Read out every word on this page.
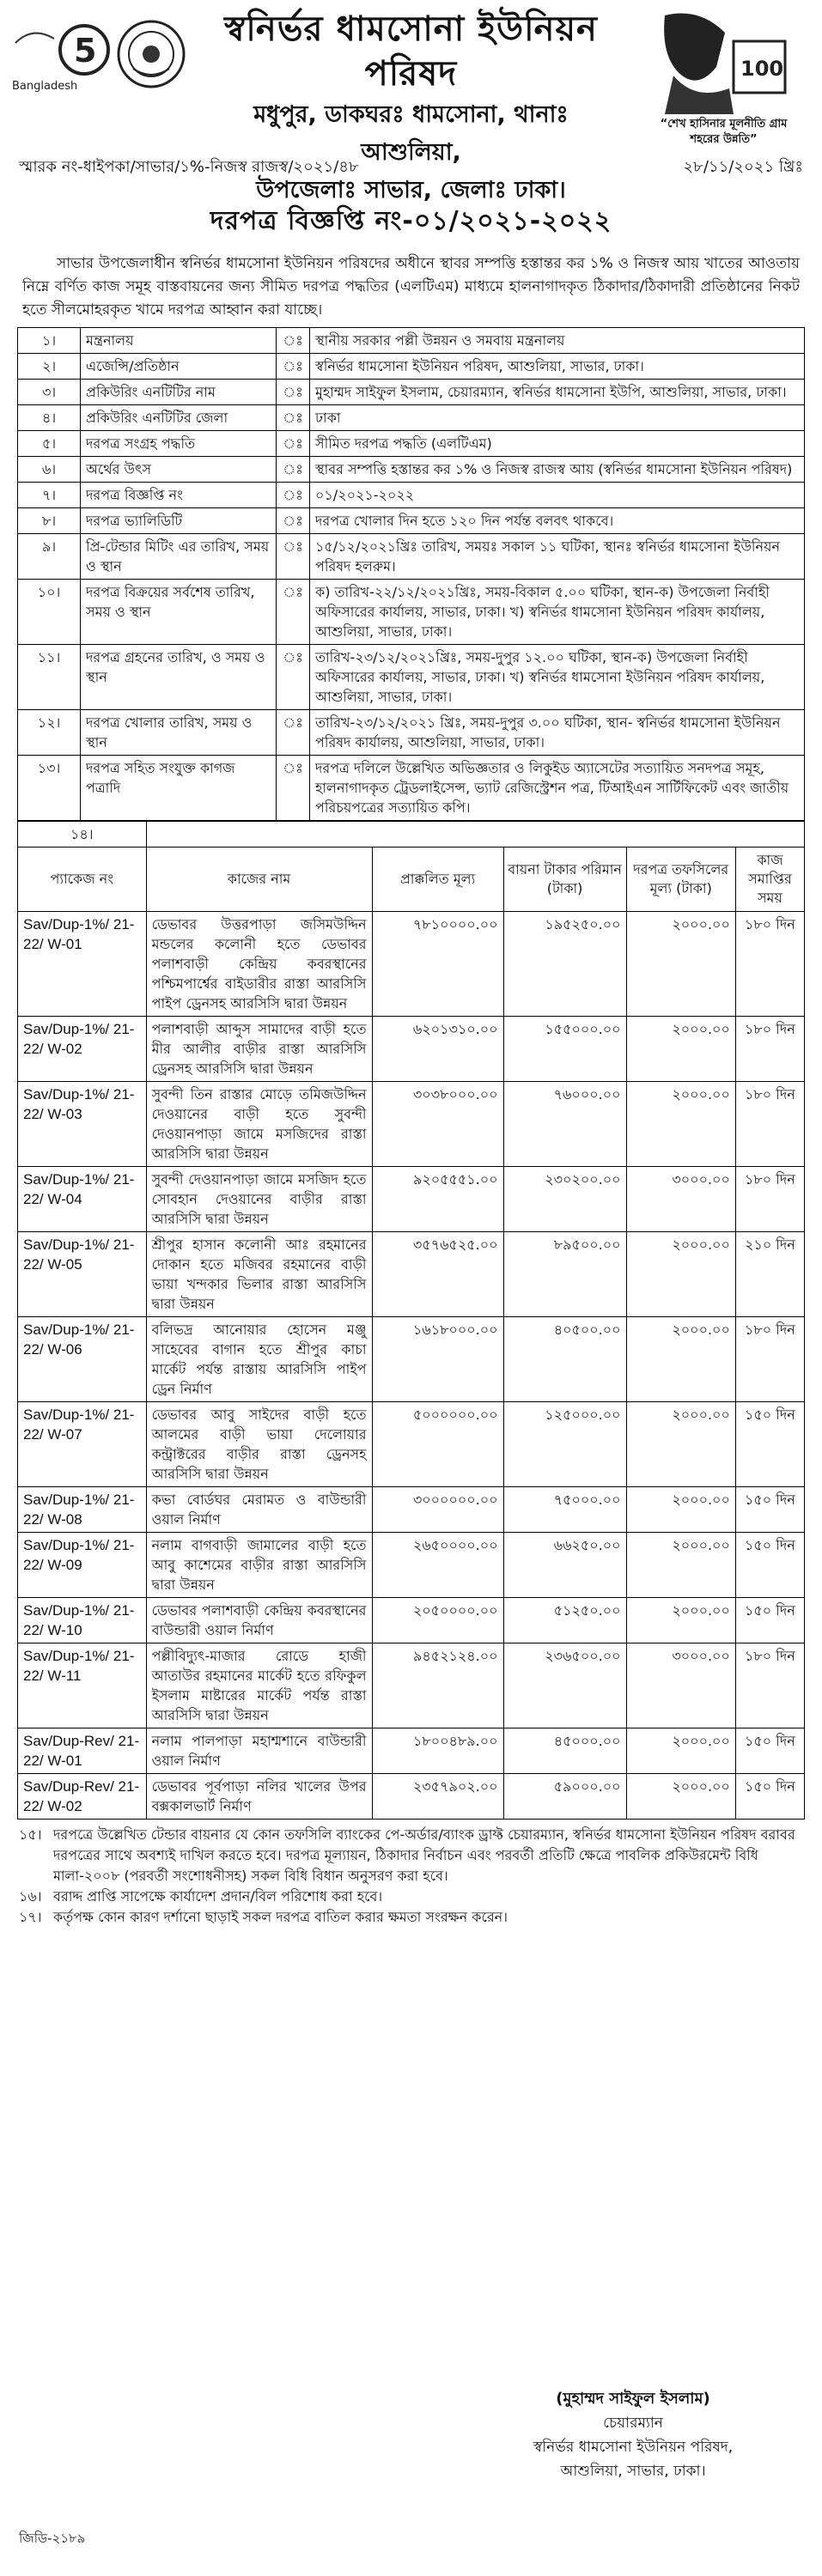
5
Bangladesh
স্বনির্ভর ধামসোনা ইউনিয়ন পরিষদ
মধুপুর, ডাকঘরঃ ধামসোনা, থানাঃ আশুলিয়া,
উপজেলাঃ সাভার, জেলাঃ ঢাকা।
100
“শেখ হাসিনার মূলনীতি গ্রাম শহরের উন্নতি”
স্মারক নং-ধাইপকা/সাভার/১%-নিজস্ব রাজস্ব/২০২১/৪৮	২৮/১১/২০২১ খ্রিঃ
দরপত্র বিজ্ঞপ্তি নং-০১/২০২১-২০২২
সাভার উপজেলাধীন স্বনির্ভর ধামসোনা ইউনিয়ন পরিষদের অধীনে স্থাবর সম্পত্তি হস্তান্তর কর ১% ও নিজস্ব আয় খাতের আওতায় নিম্নে বর্ণিত কাজ সমূহ বাস্তবায়নের জন্য সীমিত দরপত্র পদ্ধতির (এলটিএম) মাধ্যমে হালনাগাদকৃত ঠিকাদার/ঠিকাদারী প্রতিষ্ঠানের নিকট হতে সীলমোহরকৃত খামে দরপত্র আহ্বান করা যাচ্ছে।
১।	মন্ত্রনালয়	ঃ	স্থানীয় সরকার পল্লী উন্নয়ন ও সমবায় মন্ত্রনালয়
২।	এজেন্সি/প্রতিষ্ঠান	ঃ	স্বনির্ভর ধামসোনা ইউনিয়ন পরিষদ, আশুলিয়া, সাভার, ঢাকা।
৩।	প্রকিউরিং এনটিটির নাম	ঃ	মুহাম্মদ সাইফুল ইসলাম, চেয়ারম্যান, স্বনির্ভর ধামসোনা ইউপি, আশুলিয়া, সাভার, ঢাকা।
৪।	প্রকিউরিং এনটিটির জেলা	ঃ	ঢাকা
৫।	দরপত্র সংগ্রহ পদ্ধতি	ঃ	সীমিত দরপত্র পদ্ধতি (এলটিএম)
৬।	অর্থের উৎস	ঃ	স্থাবর সম্পত্তি হস্তান্তর কর ১% ও নিজস্ব রাজস্ব আয় (স্বনির্ভর ধামসোনা ইউনিয়ন পরিষদ)
৭।	দরপত্র বিজ্ঞপ্তি নং	ঃ	০১/২০২১-২০২২
৮।	দরপত্র ভ্যালিডিটি	ঃ	দরপত্র খোলার দিন হতে ১২০ দিন পর্যন্ত বলবৎ থাকবে।
৯।	প্রি-টেন্ডার মিটিং এর তারিখ, সময় ও স্থান	ঃ	১৫/১২/২০২১খ্রিঃ তারিখ, সময়ঃ সকাল ১১ ঘটিকা, স্থানঃ স্বনির্ভর ধামসোনা ইউনিয়ন পরিষদ হলরুম।
১০।	দরপত্র বিক্রয়ের সর্বশেষ তারিখ, সময় ও স্থান	ঃ	ক) তারিখ-২২/১২/২০২১খ্রিঃ, সময়-বিকাল ৫.০০ ঘটিকা, স্থান-ক) উপজেলা নির্বাহী অফিসারের কার্যালয়, সাভার, ঢাকা। খ) স্বনির্ভর ধামসোনা ইউনিয়ন পরিষদ কার্যালয়, আশুলিয়া, সাভার, ঢাকা।
১১।	দরপত্র গ্রহনের তারিখ, ও সময় ও স্থান	ঃ	তারিখ-২৩/১২/২০২১খ্রিঃ, সময়-দুপুর ১২.০০ ঘটিকা, স্থান-ক) উপজেলা নির্বাহী অফিসারের কার্যালয়, সাভার, ঢাকা। খ) স্বনির্ভর ধামসোনা ইউনিয়ন পরিষদ কার্যালয়, আশুলিয়া, সাভার, ঢাকা।
১২।	দরপত্র খোলার তারিখ, সময় ও স্থান	ঃ	তারিখ-২৩/১২/২০২১ খ্রিঃ, সময়-দুপুর ৩.০০ ঘটিকা, স্থান- স্বনির্ভর ধামসোনা ইউনিয়ন পরিষদ কার্যালয়, আশুলিয়া, সাভার, ঢাকা।
১৩।	দরপত্র সহিত সংযুক্ত কাগজ পত্রাদি	ঃ	দরপত্র দলিলে উল্লেখিত অভিজ্ঞতার ও লিকুইড অ্যাসেটের সত্যায়িত সনদপত্র সমূহ, হালনাগাদকৃত ট্রেডলাইসেন্স, ভ্যাট রেজিস্ট্রেশন পত্র, টিআইএন সার্টিফিকেট এবং জাতীয় পরিচয়পত্রের সত্যায়িত কপি।
১৪।					
প্যাকেজ নং	কাজের নাম	প্রাক্কলিত মূল্য	বায়না টাকার পরিমান (টাকা)	দরপত্র তফসিলের মূল্য (টাকা)	কাজ সমাপ্তির সময়
Sav/Dup-1%/ 21-22/ W-01	ডেভাবর উত্তরপাড়া জসিমউদ্দিন মন্ডলের কলোনী হতে ডেভাবর পলাশবাড়ী কেন্দ্রিয় কবরস্থানের পশ্চিমপার্শ্বের বাইডারীর রাস্তা আরসিসি পাইপ ড্রেনসহ আরসিসি দ্বারা উন্নয়ন	৭৮১০০০০.০০	১৯৫২৫০.০০	২০০০.০০	১৮০ দিন
Sav/Dup-1%/ 21-22/ W-02	পলাশবাড়ী আব্দুস সামাদের বাড়ী হতে মীর আলীর বাড়ীর রাস্তা আরসিসি ড্রেনসহ আরসিসি দ্বারা উন্নয়ন	৬২০১৩১০.০০	১৫৫০০০.০০	২০০০.০০	১৮০ দিন
Sav/Dup-1%/ 21-22/ W-03	সুবন্দী তিন রাস্তার মোড়ে তমিজউদ্দিন দেওয়ানের বাড়ী হতে সুবন্দী দেওয়ানপাড়া জামে মসজিদের রাস্তা আরসিসি দ্বারা উন্নয়ন	৩০৩৮০০০.০০	৭৬০০০.০০	২০০০.০০	১৮০ দিন
Sav/Dup-1%/ 21-22/ W-04	সুবন্দী দেওয়ানপাড়া জামে মসজিদ হতে সোবহান দেওয়ানের বাড়ীর রাস্তা আরসিসি দ্বারা উন্নয়ন	৯২০৫৫৫১.০০	২৩০২০০.০০	৩০০০.০০	১৮০ দিন
Sav/Dup-1%/ 21-22/ W-05	শ্রীপুর হাসান কলোনী আঃ রহমানের দোকান হতে মজিবর রহমানের বাড়ী ভায়া খন্দকার ভিলার রাস্তা আরসিসি দ্বারা উন্নয়ন	৩৫৭৬৫২৫.০০	৮৯৫০০.০০	২০০০.০০	২১০ দিন
Sav/Dup-1%/ 21-22/ W-06	বলিভদ্র আনোয়ার হোসেন মঞ্জু সাহেবের বাগান হতে শ্রীপুর কাচা মার্কেট পর্যন্ত রাস্তায় আরসিসি পাইপ ড্রেন নির্মাণ	১৬১৮০০০.০০	৪০৫০০.০০	২০০০.০০	১৮০ দিন
Sav/Dup-1%/ 21-22/ W-07	ডেভাবর আবু সাইদের বাড়ী হতে আলমের বাড়ী ভায়া দেলোয়ার কন্ট্রাক্টরের বাড়ীর রাস্তা ড্রেনসহ আরসিসি দ্বারা উন্নয়ন	৫০০০০০০.০০	১২৫০০০.০০	২০০০.০০	১৫০ দিন
Sav/Dup-1%/ 21-22/ W-08	কভা বোর্ডঘর মেরামত ও বাউন্ডারী ওয়াল নির্মাণ	৩০০০০০০.০০	৭৫০০০.০০	২০০০.০০	১৫০ দিন
Sav/Dup-1%/ 21-22/ W-09	নলাম বাগবাড়ী জামালের বাড়ী হতে আবু কাশেমের বাড়ীর রাস্তা আরসিসি দ্বারা উন্নয়ন	২৬৫০০০০.০০	৬৬২৫০.০০	২০০০.০০	১৫০ দিন
Sav/Dup-1%/ 21-22/ W-10	ডেভাবর পলাশবাড়ী কেন্দ্রিয় কবরস্থানের বাউন্ডারী ওয়াল নির্মাণ	২০৫০০০০.০০	৫১২৫০.০০	২০০০.০০	১৫০ দিন
Sav/Dup-1%/ 21-22/ W-11	পল্লীবিদ্যুৎ-মাজার রোডে হাজী আতাউর রহমানের মার্কেট হতে রফিকুল ইসলাম মাষ্টারের মার্কেট পর্যন্ত রাস্তা আরসিসি দ্বারা উন্নয়ন	৯৪৫২১২৪.০০	২৩৬৫০০.০০	৩০০০.০০	১৮০ দিন
Sav/Dup-Rev/ 21-22/ W-01	নলাম পালপাড়া মহাশ্মশানে বাউন্ডারী ওয়াল নির্মাণ	১৮০০৪৮৯.০০	৪৫০০০.০০	২০০০.০০	১৫০ দিন
Sav/Dup-Rev/ 21-22/ W-02	ডেভাবর পূর্বপাড়া নলির খালের উপর বক্সকালভার্ট নির্মাণ	২৩৫৭৯০২.০০	৫৯০০০.০০	২০০০.০০	১৫০ দিন
১৫। দরপত্রে উল্লেখিত টেন্ডার বায়নার যে কোন তফসিলি ব্যাংকের পে-অর্ডার/ব্যাংক ড্রাফ্ট চেয়ারম্যান, স্বনির্ভর ধামসোনা ইউনিয়ন পরিষদ বরাবর দরপত্রের সাথে অবশ্যই দাখিল করতে হবে। দরপত্র মূল্যায়ন, ঠিকাদার নির্বাচন এবং পরবর্তী প্রতিটি ক্ষেত্রে পাবলিক প্রকিউরমেন্ট বিধি মালা-২০০৮ (পরবর্তী সংশোধনীসহ) সকল বিধি বিধান অনুসরণ করা হবে।
১৬। বরাদ্দ প্রাপ্তি সাপেক্ষে কার্যাদেশ প্রদান/বিল পরিশোধ করা হবে।
১৭। কর্তৃপক্ষ কোন কারণ দর্শানো ছাড়াই সকল দরপত্র বাতিল করার ক্ষমতা সংরক্ষন করেন।
(মুহাম্মদ সাইফুল ইসলাম)
চেয়ারম্যান
স্বনির্ভর ধামসোনা ইউনিয়ন পরিষদ,
আশুলিয়া, সাভার, ঢাকা।
জিডি-২১৮৯
